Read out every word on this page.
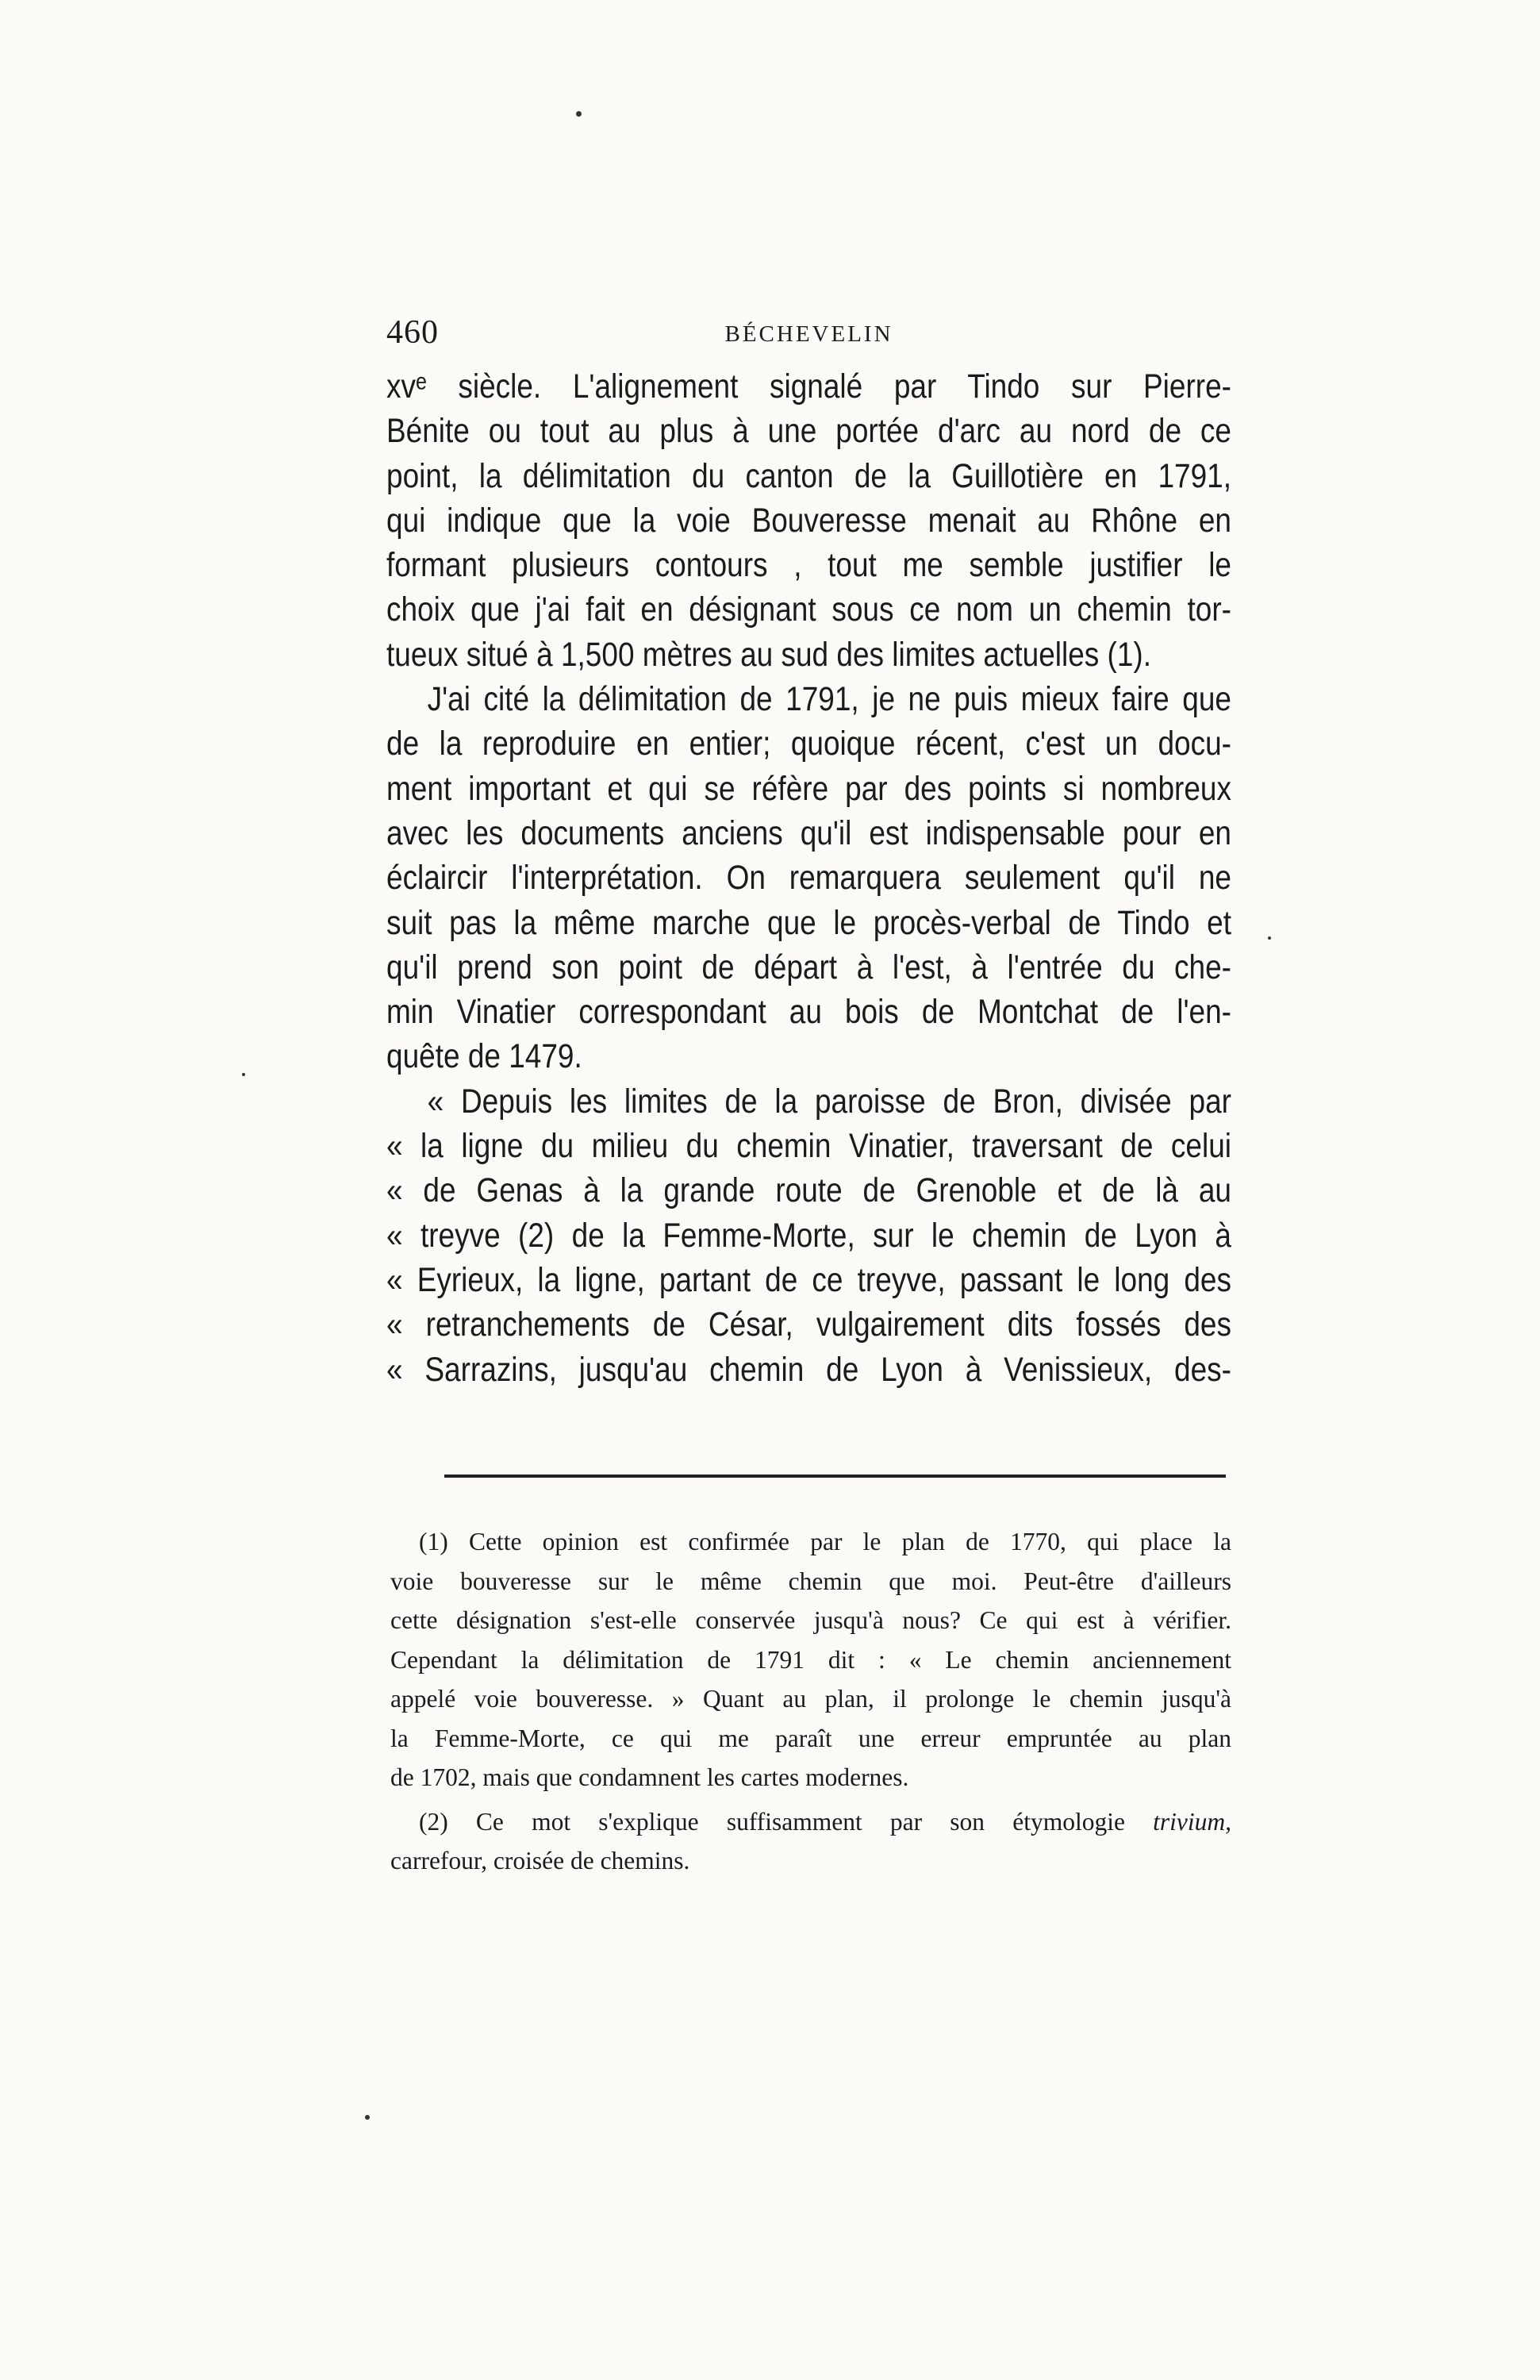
460	BÉCHEVELIN
xvᵉ siècle. L'alignement signalé par Tindo sur Pierre-
Bénite ou tout au plus à une portée d'arc au nord de ce
point, la délimitation du canton de la Guillotière en 1791,
qui indique que la voie Bouveresse menait au Rhône en
formant plusieurs contours , tout me semble justifier le
choix que j'ai fait en désignant sous ce nom un chemin tor-
tueux situé à 1,500 mètres au sud des limites actuelles (1).
J'ai cité la délimitation de 1791, je ne puis mieux faire que
de la reproduire en entier; quoique récent, c'est un docu-
ment important et qui se réfère par des points si nombreux
avec les documents anciens qu'il est indispensable pour en
éclaircir l'interprétation. On remarquera seulement qu'il ne
suit pas la même marche que le procès-verbal de Tindo et
qu'il prend son point de départ à l'est, à l'entrée du che-
min Vinatier correspondant au bois de Montchat de l'en-
quête de 1479.
« Depuis les limites de la paroisse de Bron, divisée par
« la ligne du milieu du chemin Vinatier, traversant de celui
« de Genas à la grande route de Grenoble et de là au
« treyve (2) de la Femme-Morte, sur le chemin de Lyon à
« Eyrieux, la ligne, partant de ce treyve, passant le long des
« retranchements de César, vulgairement dits fossés des
« Sarrazins, jusqu'au chemin de Lyon à Venissieux, des-
(1) Cette opinion est confirmée par le plan de 1770, qui place la
voie bouveresse sur le même chemin que moi. Peut-être d'ailleurs
cette désignation s'est-elle conservée jusqu'à nous? Ce qui est à vérifier.
Cependant la délimitation de 1791 dit : « Le chemin anciennement
appelé voie bouveresse. » Quant au plan, il prolonge le chemin jusqu'à
la Femme-Morte, ce qui me paraît une erreur empruntée au plan
de 1702, mais que condamnent les cartes modernes.
(2) Ce mot s'explique suffisamment par son étymologie trivium,
carrefour, croisée de chemins.
